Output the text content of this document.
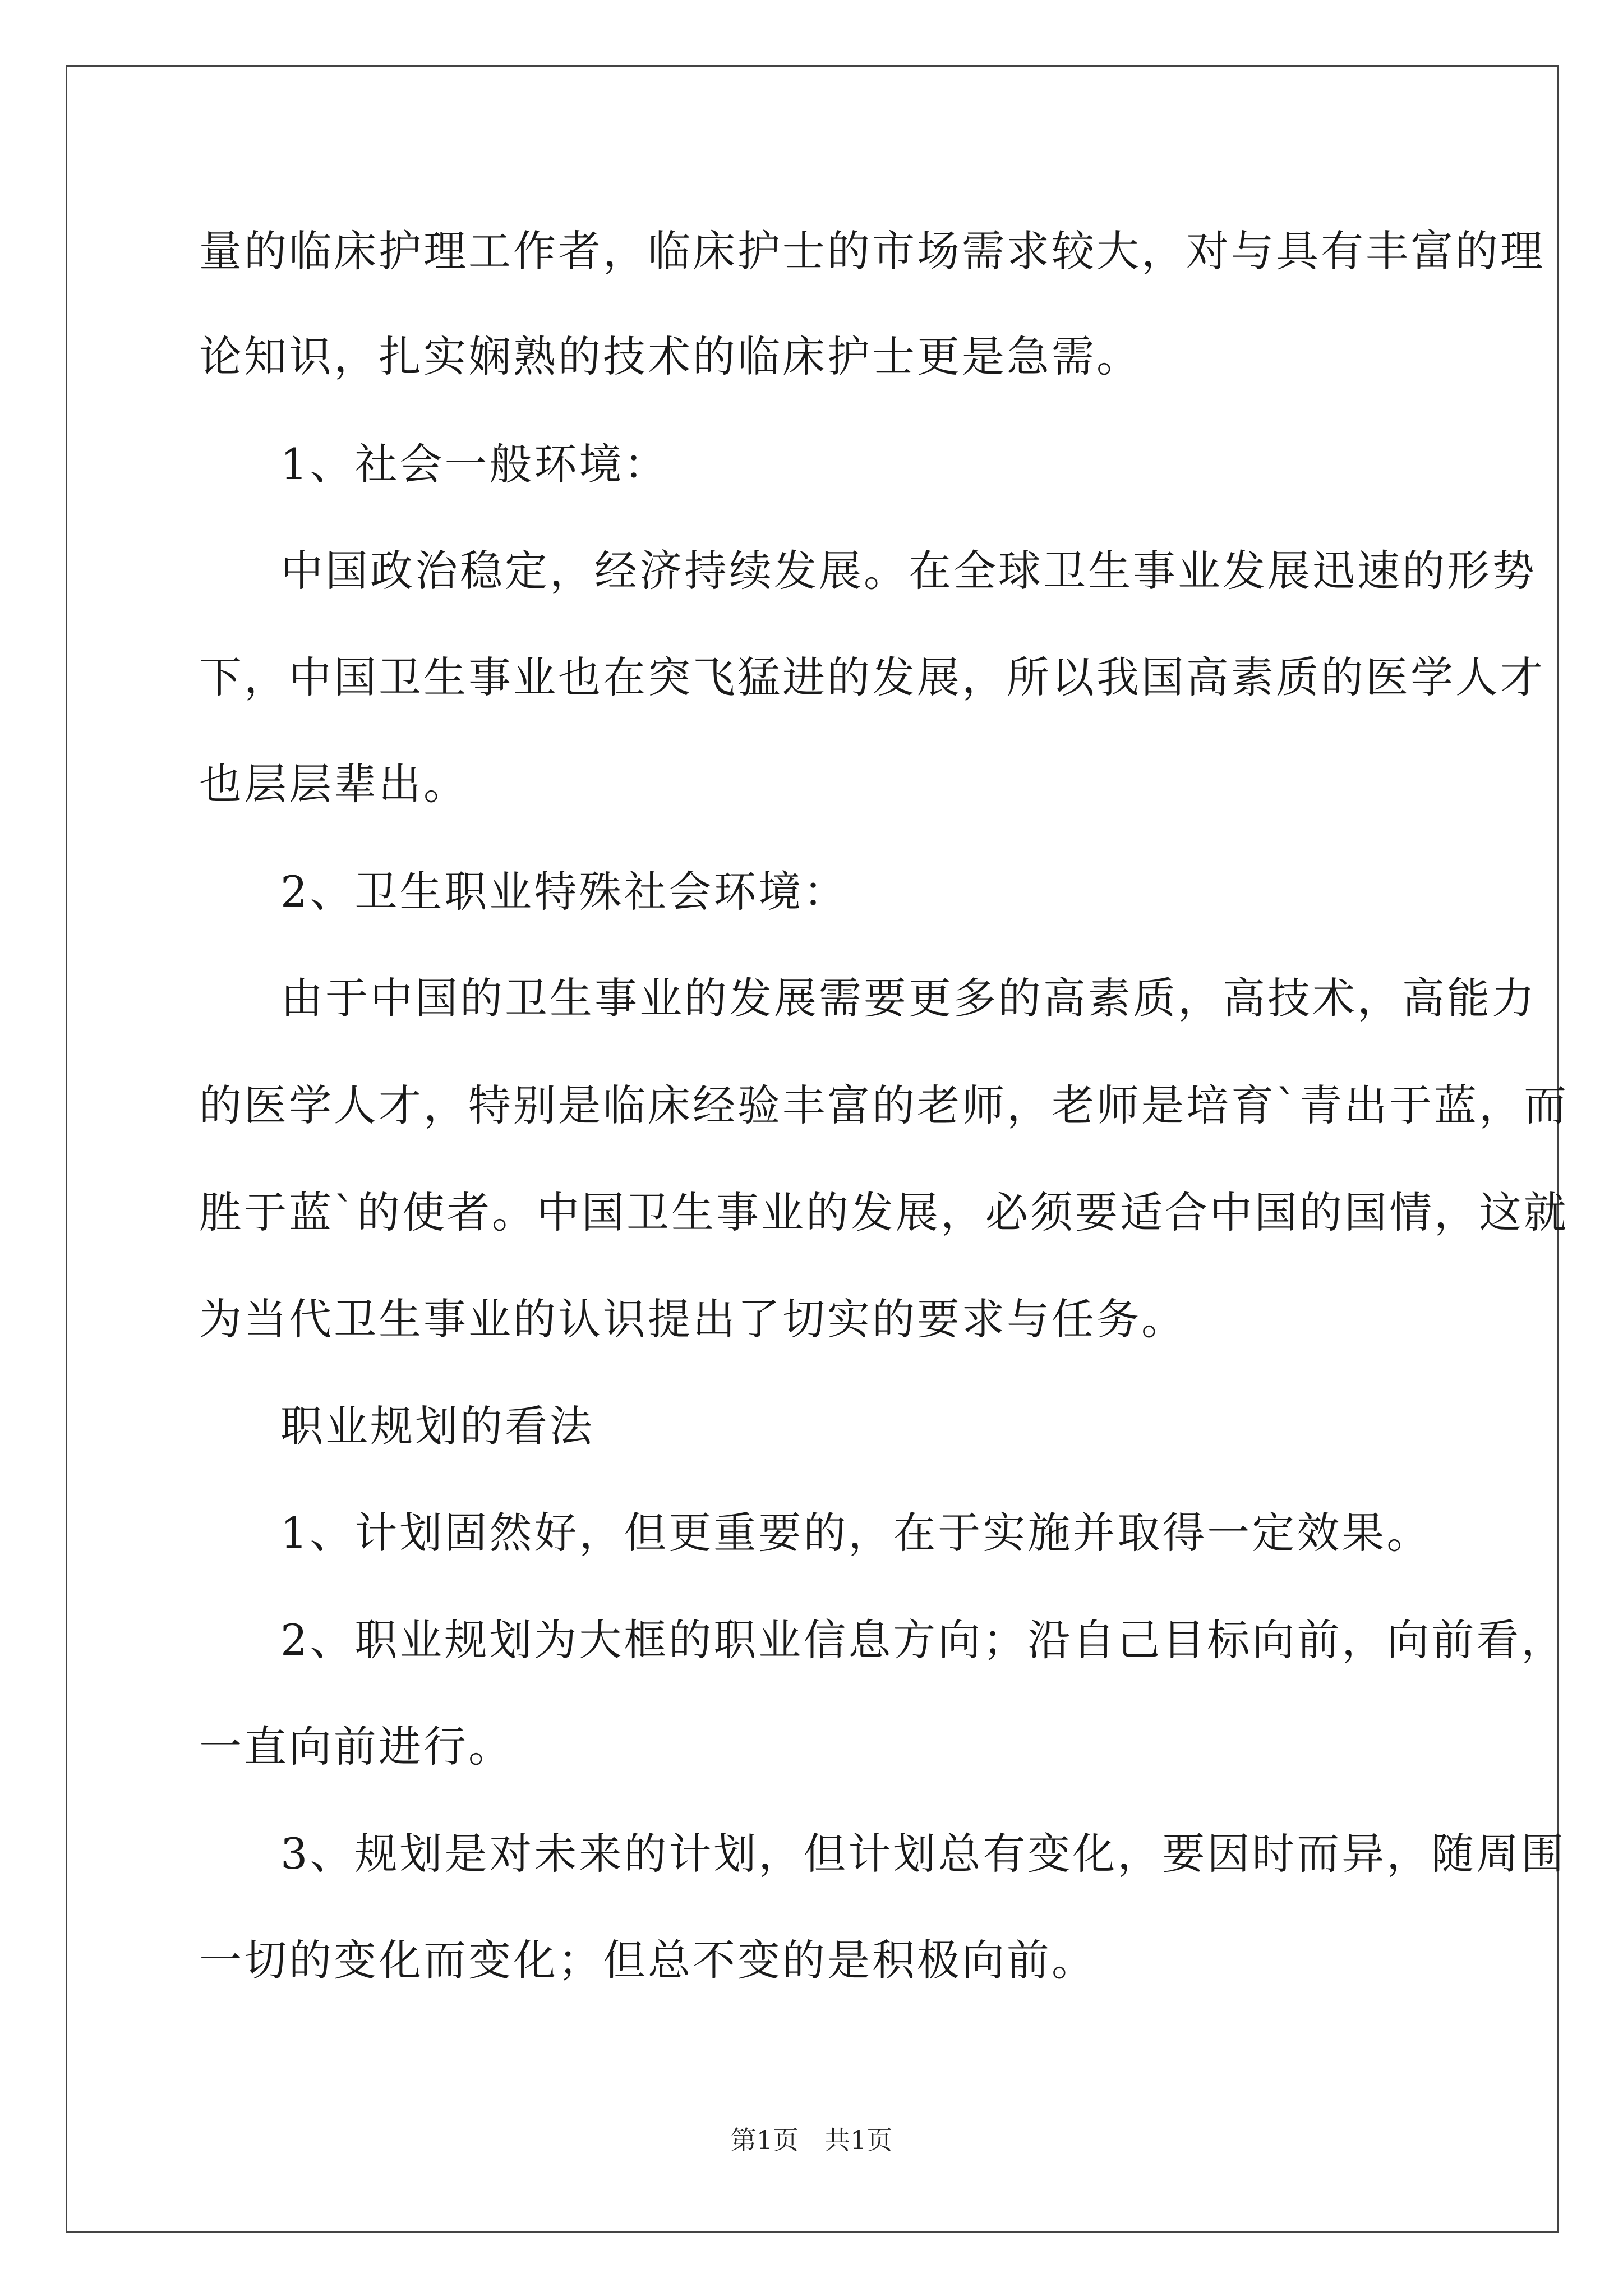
量的临床护理工作者，临床护士的市场需求较大，对与具有丰富的理
论知识，扎实娴熟的技术的临床护士更是急需。
1、社会一般环境：
中国政治稳定，经济持续发展。在全球卫生事业发展迅速的形势
下，中国卫生事业也在突飞猛进的发展，所以我国高素质的医学人才
也层层辈出。
2、卫生职业特殊社会环境：
由于中国的卫生事业的发展需要更多的高素质，高技术，高能力
的医学人才，特别是临床经验丰富的老师，老师是培育`青出于蓝，而
胜于蓝`的使者。中国卫生事业的发展，必须要适合中国的国情，这就
为当代卫生事业的认识提出了切实的要求与任务。
职业规划的看法
1、计划固然好，但更重要的，在于实施并取得一定效果。
2、职业规划为大框的职业信息方向；沿自己目标向前，向前看，
一直向前进行。
3、规划是对未来的计划，但计划总有变化，要因时而异，随周围
一切的变化而变化；但总不变的是积极向前。
第1页　共1页
